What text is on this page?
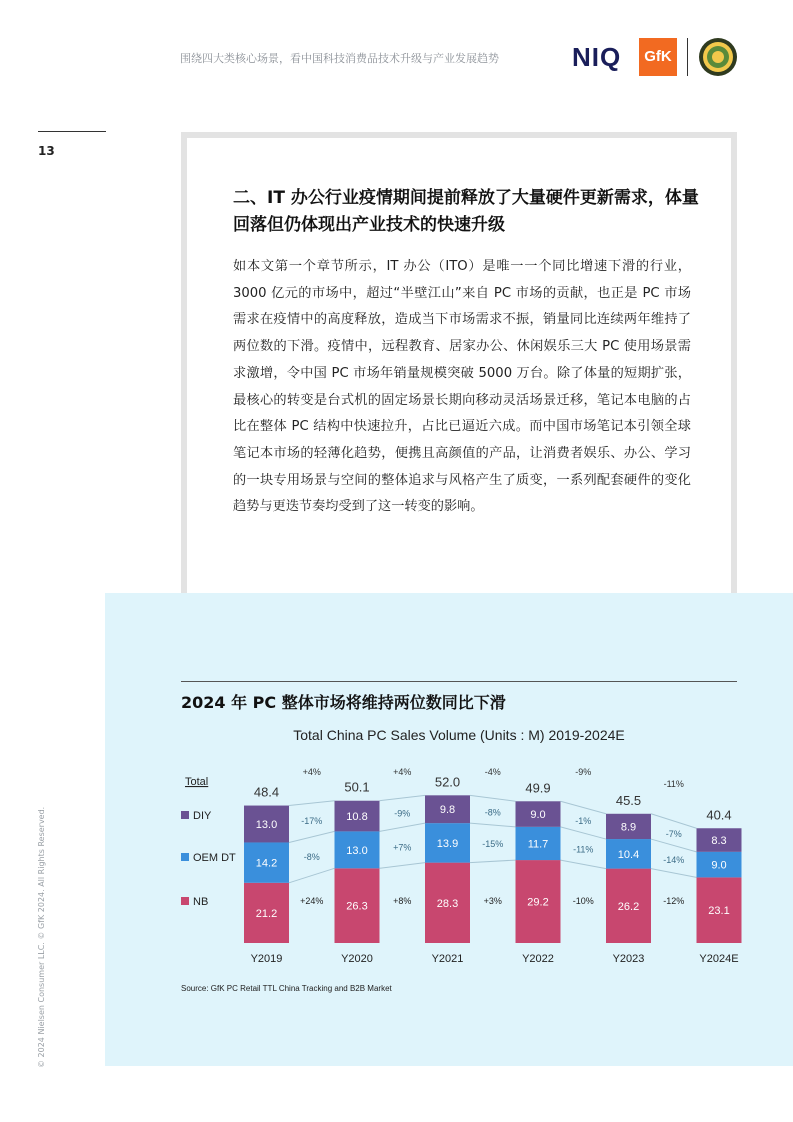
围绕四大类核心场景，看中国科技消费品技术升级与产业发展趋势	NIQ	GfK
13
二、IT 办公行业疫情期间提前释放了大量硬件更新需求，体量回落但仍体现出产业技术的快速升级
如本文第一个章节所示，IT 办公（ITO）是唯一一个同比增速下滑的行业，3000 亿元的市场中，超过“半壁江山”来自 PC 市场的贡献，也正是 PC 市场需求在疫情中的高度释放，造成当下市场需求不振，销量同比连续两年维持了两位数的下滑。疫情中，远程教育、居家办公、休闲娱乐三大 PC 使用场景需求激增，令中国 PC 市场年销量规模突破 5000 万台。除了体量的短期扩张，最核心的转变是台式机的固定场景长期向移动灵活场景迁移，笔记本电脑的占比在整体 PC 结构中快速拉升，占比已逼近六成。而中国市场笔记本引领全球笔记本市场的轻薄化趋势，便携且高颜值的产品，让消费者娱乐、办公、学习的一块专用场景与空间的整体追求与风格产生了质变，一系列配套硬件的变化趋势与更迭节奏均受到了这一转变的影响。
2024 年 PC 整体市场将维持两位数同比下滑
Total China PC Sales Volume (Units : M) 2019-2024E
Total
NB
OEM DT
DIY
21.2
14.2
13.0
48.4
Y2019
26.3
13.0
10.8
50.1
Y2020
28.3
13.9
9.8
52.0
Y2021
29.2
11.7
9.0
49.9
Y2022
26.2
10.4
8.9
45.5
Y2023
23.1
9.0
8.3
40.4
Y2024E
+4%	+4%	-4%	-9%
-11%
+24%	+8%	+3%	-10%	-12%
-17%
-9%	-8%
-1%
-7%
-8%
+7%	-15%
-11%
-14%
Source: GfK PC Retail TTL China Tracking and B2B Market
© 2024 Nielsen Consumer LLC. © GfK 2024. All Rights Reserved.
